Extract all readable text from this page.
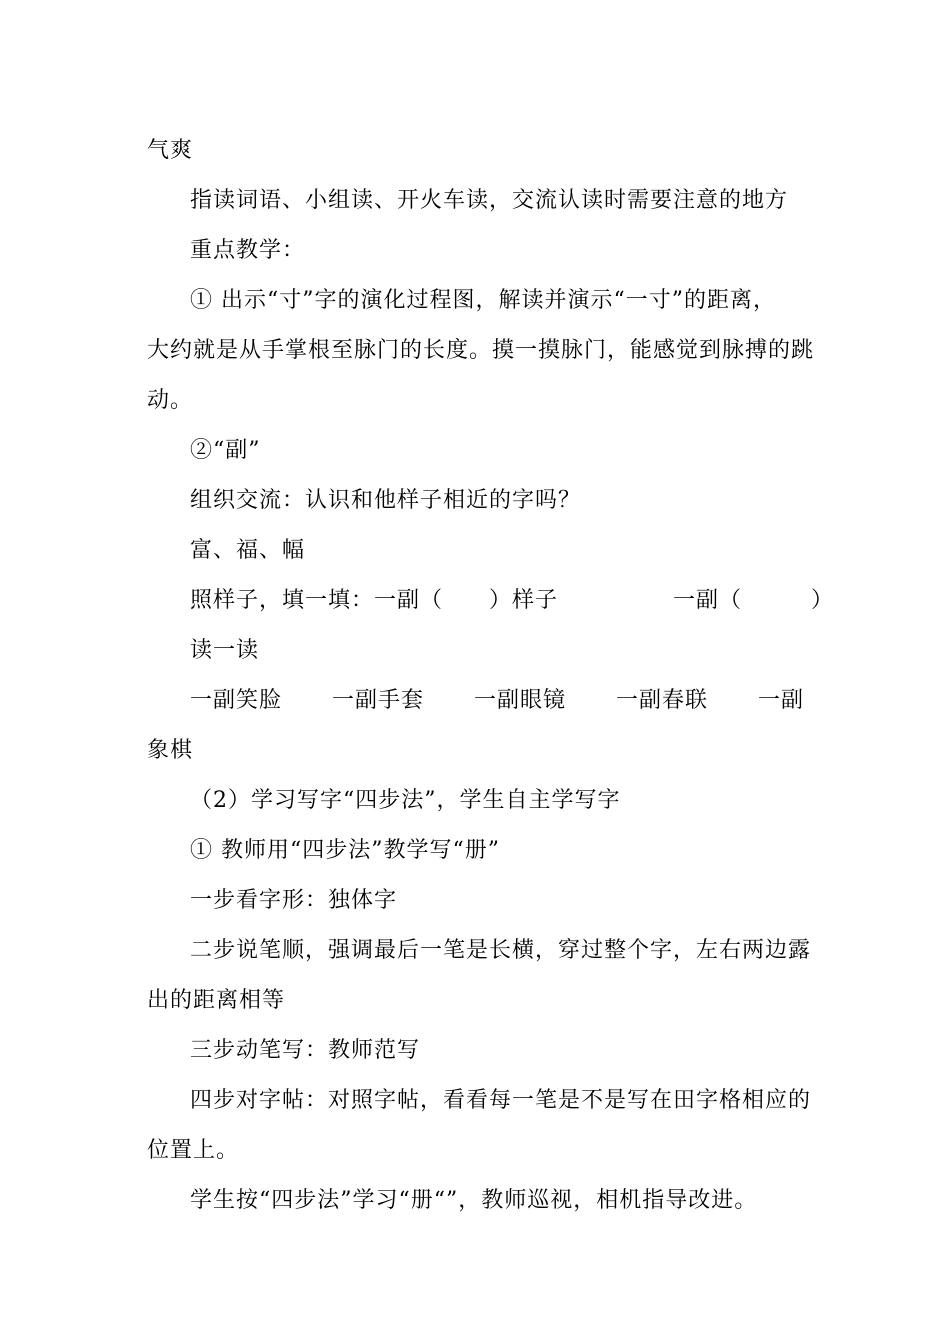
气爽
指读词语、小组读、开火车读，交流认读时需要注意的地方
重点教学：
① 出示“寸”字的演化过程图，解读并演示“一寸”的距离，
大约就是从手掌根至脉门的长度。摸一摸脉门，能感觉到脉搏的跳
动。
②“副”
组织交流：认识和他样子相近的字吗？
富、福、幅
照样子，填一填：一副（　　）样子　　　　　一副（　　　）
读一读
一副笑脸 一副手套 一副眼镜 一副春联 一副
象棋
（2）学习写字“四步法”，学生自主学写字
① 教师用“四步法”教学写“册”
一步看字形：独体字
二步说笔顺，强调最后一笔是长横，穿过整个字，左右两边露
出的距离相等
三步动笔写：教师范写
四步对字帖：对照字帖，看看每一笔是不是写在田字格相应的
位置上。
学生按“四步法”学习“册“”，教师巡视，相机指导改进。
